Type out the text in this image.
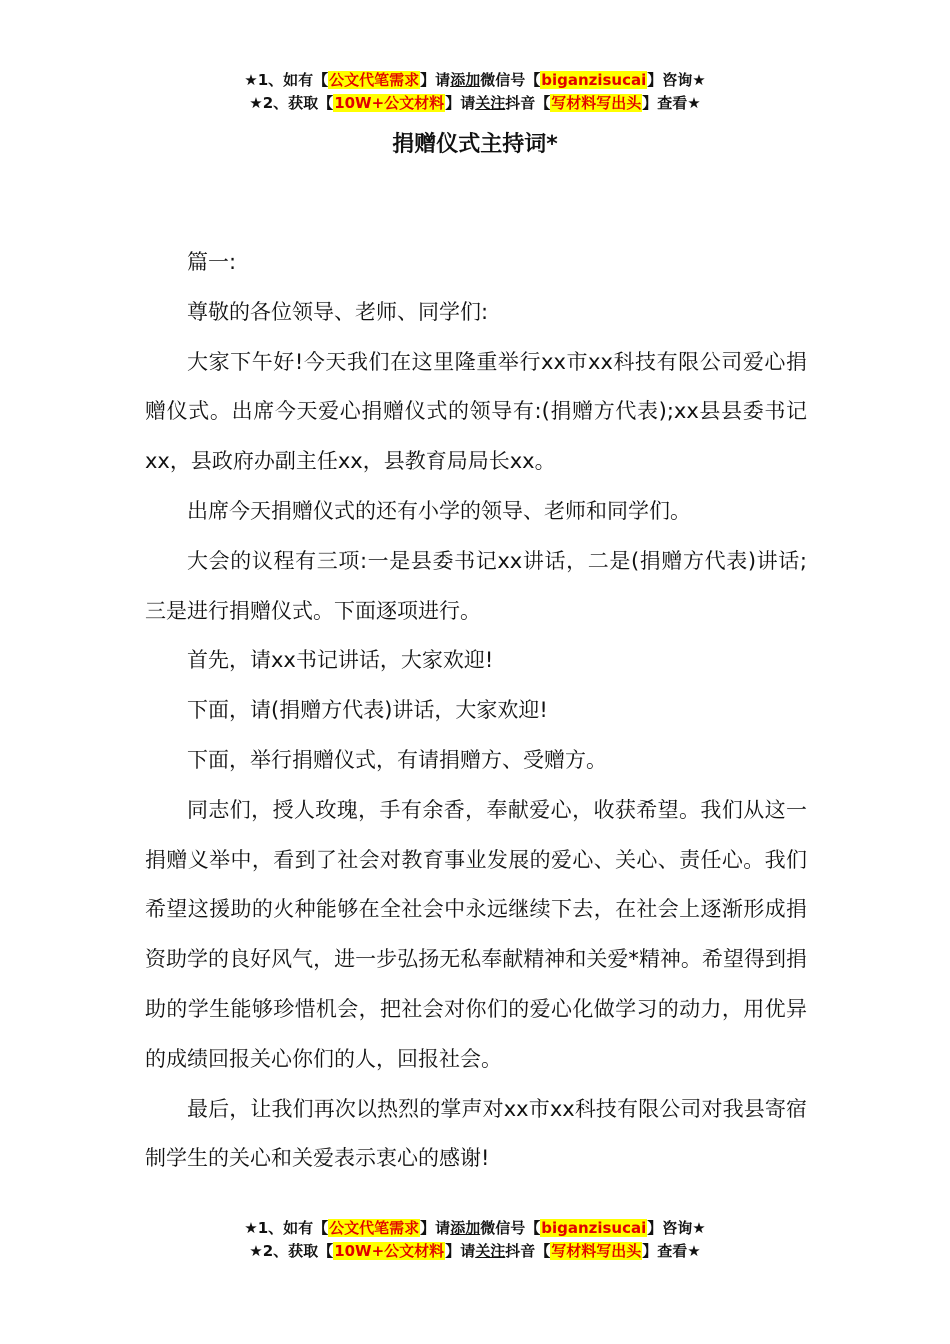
★1、如有【公文代笔需求】请添加微信号【biganzisucai】咨询★
★2、获取【10W+公文材料】请关注抖音【写材料写出头】查看★
捐赠仪式主持词*

篇一:

尊敬的各位领导、老师、同学们:

大家下午好!今天我们在这里隆重举行xx市xx科技有限公司爱心捐赠仪式。出席今天爱心捐赠仪式的领导有:(捐赠方代表);xx县县委书记xx，县政府办副主任xx，县教育局局长xx。

出席今天捐赠仪式的还有小学的领导、老师和同学们。

大会的议程有三项:一是县委书记xx讲话，二是(捐赠方代表)讲话;三是进行捐赠仪式。下面逐项进行。

首先，请xx书记讲话，大家欢迎!

下面，请(捐赠方代表)讲话，大家欢迎!

下面，举行捐赠仪式，有请捐赠方、受赠方。

同志们，授人玫瑰，手有余香，奉献爱心，收获希望。我们从这一捐赠义举中，看到了社会对教育事业发展的爱心、关心、责任心。我们希望这援助的火种能够在全社会中永远继续下去，在社会上逐渐形成捐资助学的良好风气，进一步弘扬无私奉献精神和关爱*精神。希望得到捐助的学生能够珍惜机会，把社会对你们的爱心化做学习的动力，用优异的成绩回报关心你们的人，回报社会。

最后，让我们再次以热烈的掌声对xx市xx科技有限公司对我县寄宿制学生的关心和关爱表示衷心的感谢!

★1、如有【公文代笔需求】请添加微信号【biganzisucai】咨询★
★2、获取【10W+公文材料】请关注抖音【写材料写出头】查看★
